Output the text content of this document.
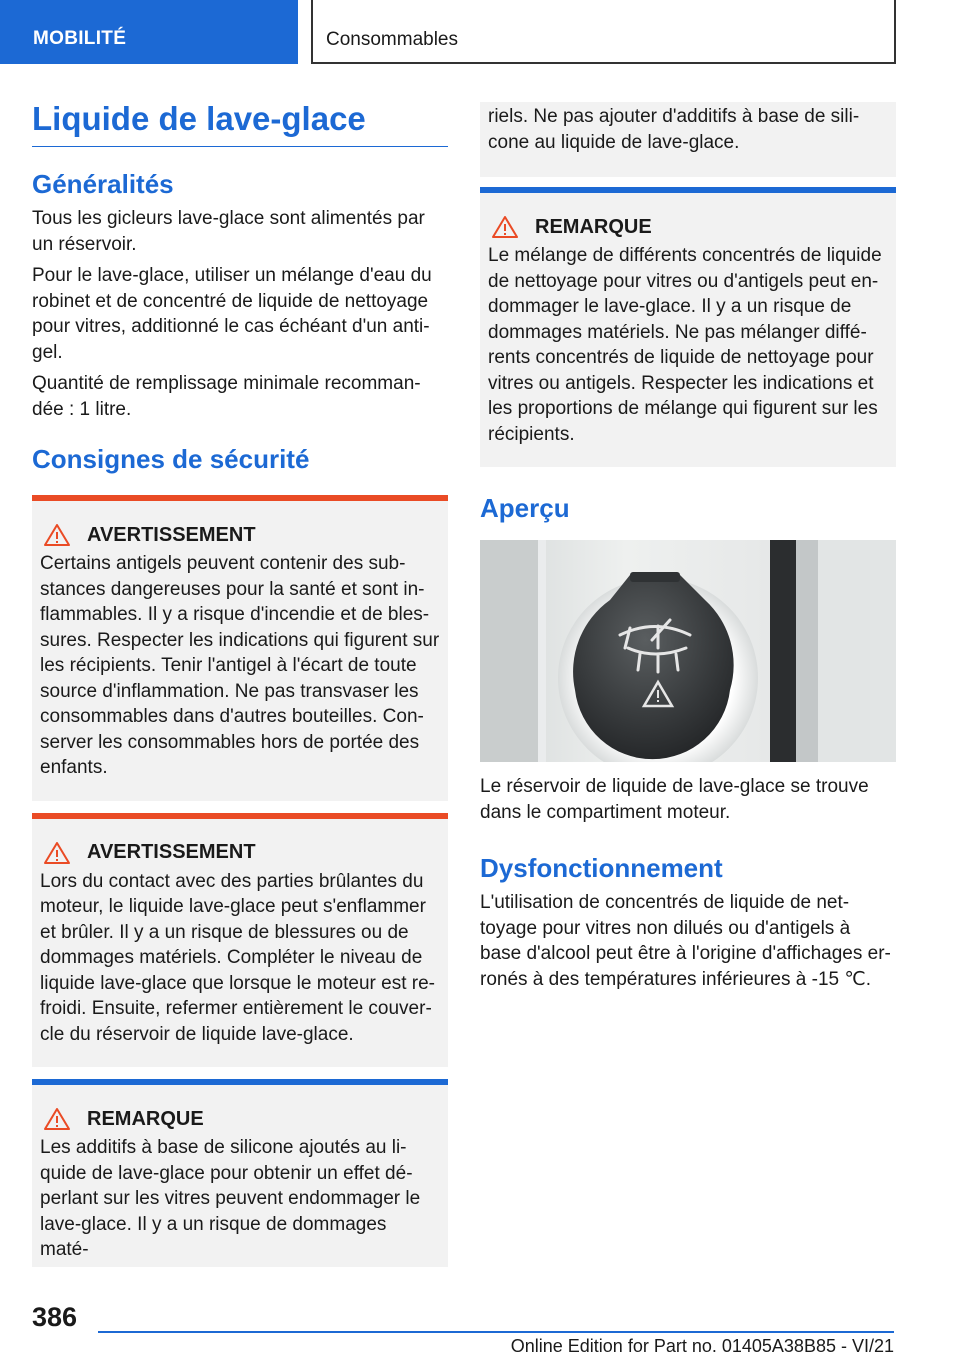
MOBILITÉ	Consommables
Liquide de lave-glace
Généralités

Tous les gicleurs lave-glace sont alimentés par un réservoir.

Pour le lave-glace, utiliser un mélange d'eau du robinet et de concentré de liquide de nettoyage pour vitres, additionné le cas échéant d'un anti-gel.

Quantité de remplissage minimale recomman-dée : 1 litre.

Consignes de sécurité
AVERTISSEMENT

Certains antigels peuvent contenir des sub-stances dangereuses pour la santé et sont in-flammables. Il y a risque d'incendie et de bles-sures. Respecter les indications qui figurent sur les récipients. Tenir l'antigel à l'écart de toute source d'inflammation. Ne pas transvaser les consommables dans d'autres bouteilles. Con-server les consommables hors de portée des enfants.

AVERTISSEMENT

Lors du contact avec des parties brûlantes du moteur, le liquide lave-glace peut s'enflammer et brûler. Il y a un risque de blessures ou de dommages matériels. Compléter le niveau de liquide lave-glace que lorsque le moteur est re-froidi. Ensuite, refermer entièrement le couver-cle du réservoir de liquide lave-glace.

REMARQUE

Les additifs à base de silicone ajoutés au li-quide de lave-glace pour obtenir un effet dé-perlant sur les vitres peuvent endommager le lave-glace. Il y a un risque de dommages maté-

riels. Ne pas ajouter d'additifs à base de sili-cone au liquide de lave-glace.

REMARQUE

Le mélange de différents concentrés de liquide de nettoyage pour vitres ou d'antigels peut en-dommager le lave-glace. Il y a un risque de dommages matériels. Ne pas mélanger diffé-rents concentrés de liquide de nettoyage pour vitres ou antigels. Respecter les indications et les proportions de mélange qui figurent sur les récipients.

Aperçu

Le réservoir de liquide de lave-glace se trouve dans le compartiment moteur.

Dysfonctionnement

L'utilisation de concentrés de liquide de net-toyage pour vitres non dilués ou d'antigels à base d'alcool peut être à l'origine d'affichages er-ronés à des températures inférieures à -15 ℃.

386
Online Edition for Part no. 01405A38B85 - VI/21
